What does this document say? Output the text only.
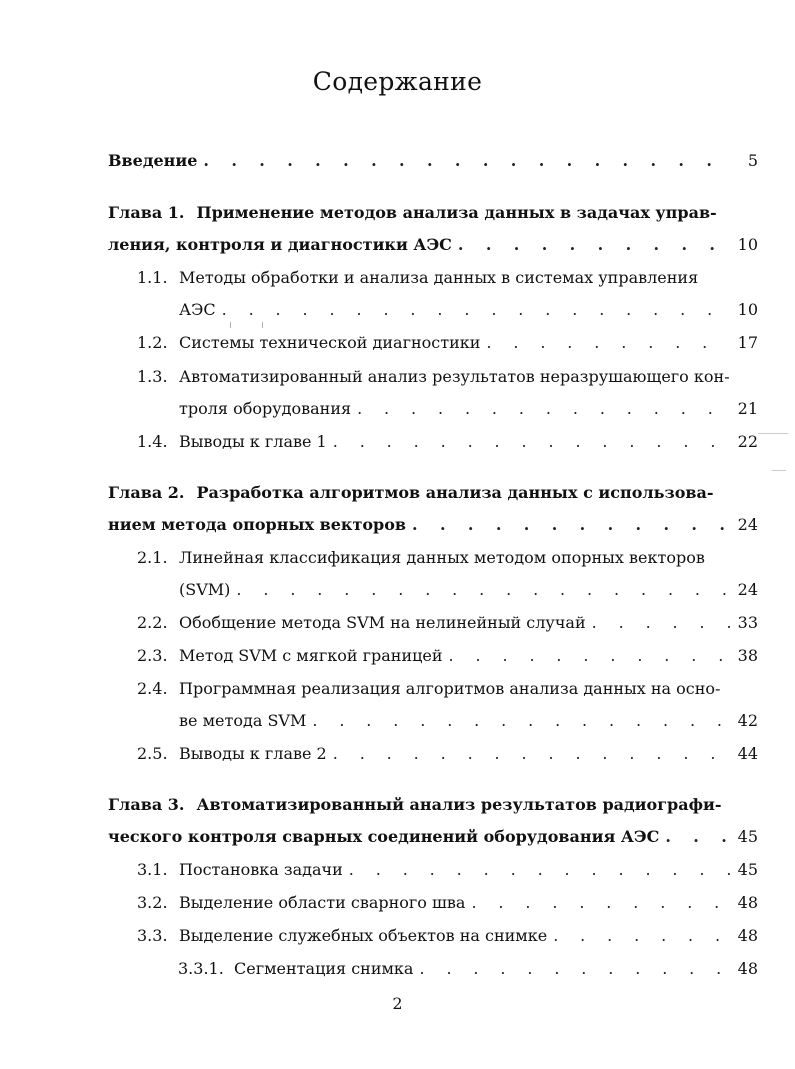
Содержание
Введение . . .	5
Глава 1. Применение методов анализа данных в задачах управ-
ления, контроля и диагностики АЭС . . .	10
1.1. Методы обработки и анализа данных в системах управления
АЭС . . .	10
1.2. Системы технической диагностики . . .	17
1.3. Автоматизированный анализ результатов неразрушающего кон-
троля оборудования . . .	21
1.4. Выводы к главе 1 . . .	22
Глава 2. Разработка алгоритмов анализа данных с использова-
нием метода опорных векторов . . .	24
2.1. Линейная классификация данных методом опорных векторов
(SVM) . . .	24
2.2. Обобщение метода SVM на нелинейный случай . . .	33
2.3. Метод SVM с мягкой границей . . .	38
2.4. Программная реализация алгоритмов анализа данных на осно-
ве метода SVM . . .	42
2.5. Выводы к главе 2 . . .	44
Глава 3. Автоматизированный анализ результатов радиографи-
ческого контроля сварных соединений оборудования АЭС . . .	45
3.1. Постановка задачи . . .	45
3.2. Выделение области сварного шва . . .	48
3.3. Выделение служебных объектов на снимке . . .	48
3.3.1. Сегментация снимка . . .	48
2
